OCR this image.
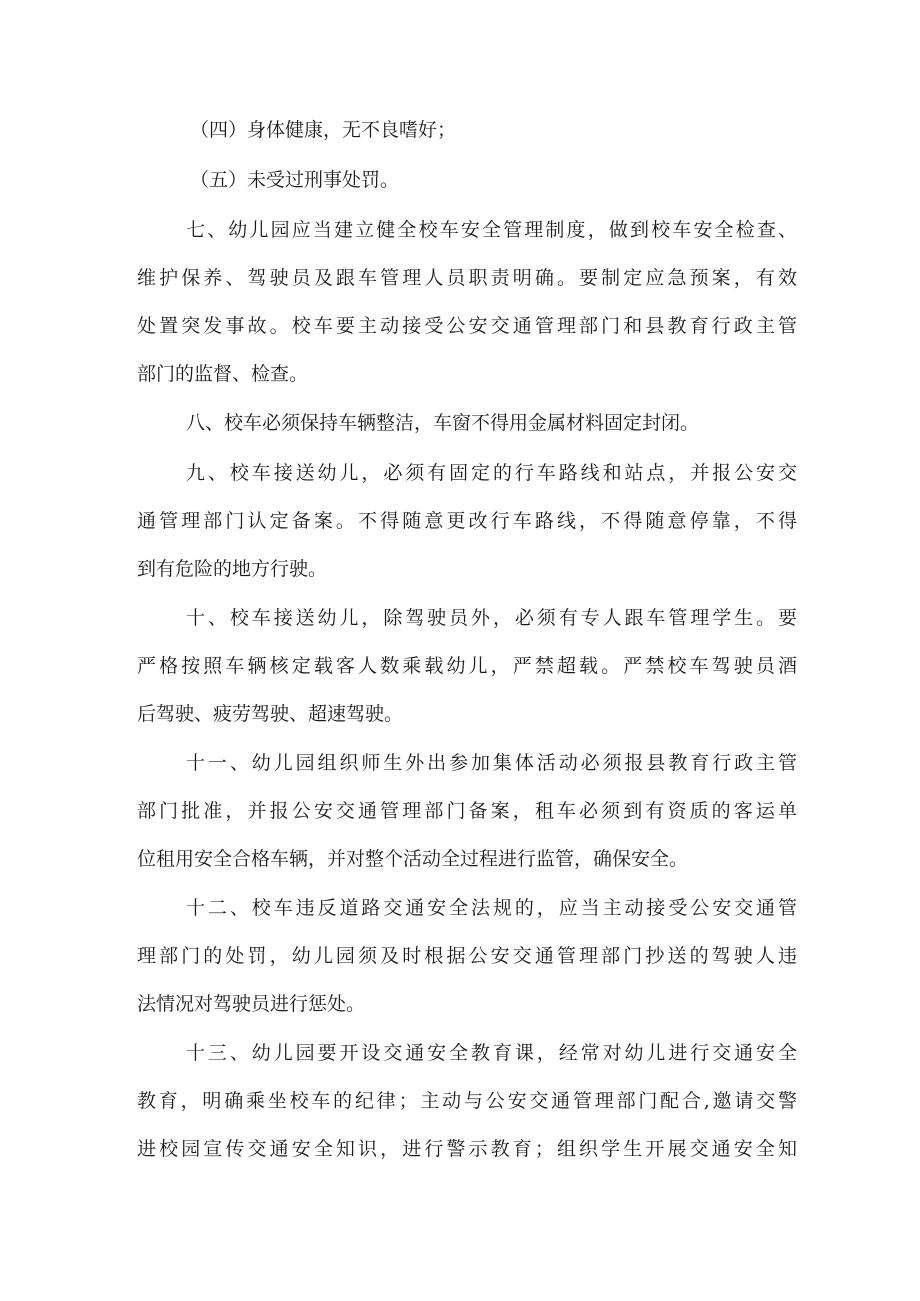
（四）身体健康，无不良嗜好；

（五）未受过刑事处罚。

七、幼儿园应当建立健全校车安全管理制度，做到校车安全检查、

维护保养、驾驶员及跟车管理人员职责明确。要制定应急预案，有效

处置突发事故。校车要主动接受公安交通管理部门和县教育行政主管

部门的监督、检查。

八、校车必须保持车辆整洁，车窗不得用金属材料固定封闭。

九、校车接送幼儿，必须有固定的行车路线和站点，并报公安交

通管理部门认定备案。不得随意更改行车路线，不得随意停靠，不得

到有危险的地方行驶。

十、校车接送幼儿，除驾驶员外，必须有专人跟车管理学生。要

严格按照车辆核定载客人数乘载幼儿，严禁超载。严禁校车驾驶员酒

后驾驶、疲劳驾驶、超速驾驶。

十一、幼儿园组织师生外出参加集体活动必须报县教育行政主管

部门批准，并报公安交通管理部门备案，租车必须到有资质的客运单

位租用安全合格车辆，并对整个活动全过程进行监管，确保安全。

十二、校车违反道路交通安全法规的，应当主动接受公安交通管

理部门的处罚，幼儿园须及时根据公安交通管理部门抄送的驾驶人违

法情况对驾驶员进行惩处。

十三、幼儿园要开设交通安全教育课，经常对幼儿进行交通安全

教育，明确乘坐校车的纪律；主动与公安交通管理部门配合,邀请交警

进校园宣传交通安全知识，进行警示教育；组织学生开展交通安全知
